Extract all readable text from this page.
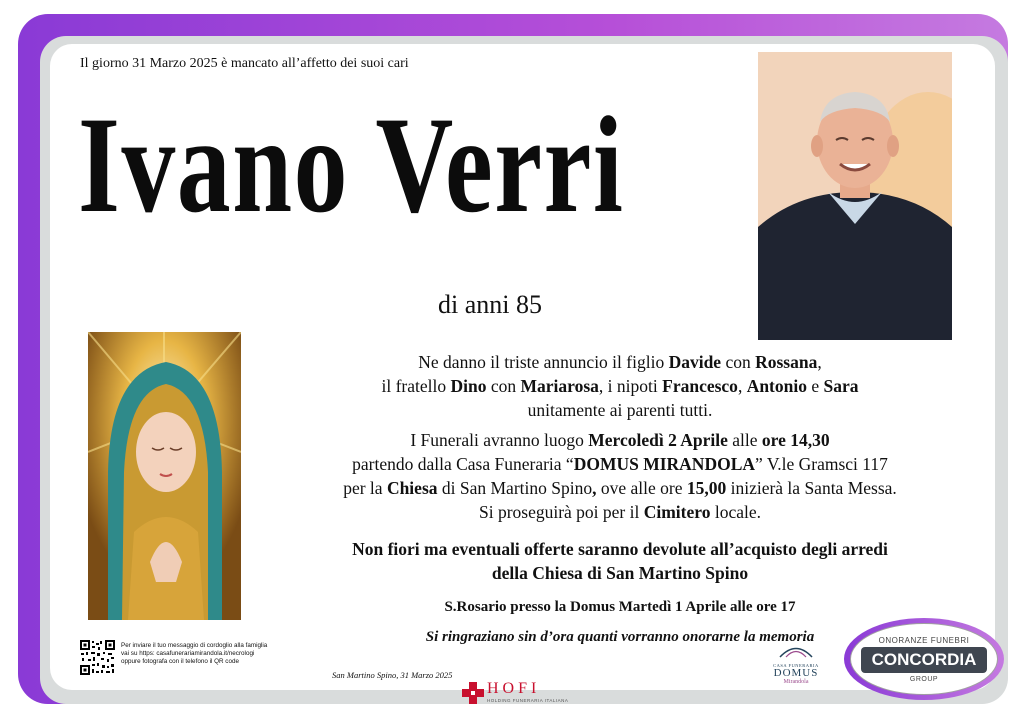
Il giorno 31 Marzo 2025 è mancato all’affetto dei suoi cari
Ivano Verri
di anni 85
Ne danno il triste annuncio il figlio Davide con Rossana,
il fratello Dino con Mariarosa, i nipoti Francesco, Antonio e Sara
unitamente ai parenti tutti.
I Funerali avranno luogo Mercoledì 2 Aprile alle ore 14,30
partendo dalla Casa Funeraria “DOMUS MIRANDOLA” V.le Gramsci 117
per la Chiesa di San Martino Spino, ove alle ore 15,00 inizierà la Santa Messa.
Si proseguirà poi per il Cimitero locale.
Non fiori ma eventuali offerte saranno devolute all’acquisto degli arredi
della Chiesa di San Martino Spino
S.Rosario presso la Domus Martedì 1 Aprile alle ore 17
Si ringraziano sin d’ora quanti vorranno onorarne la memoria
Per inviare il tuo messaggio di cordoglio alla famiglia
vai su https: casafunerariamirandola.it/necrologi
oppure fotografa con il telefono il QR code
San Martino Spino, 31 Marzo 2025
HOFI
HOLDING FUNERARIA ITALIANA
CASA FUNERARIA
DOMUS
Mirandola
ONORANZE FUNEBRI
CONCORDIA
GROUP
